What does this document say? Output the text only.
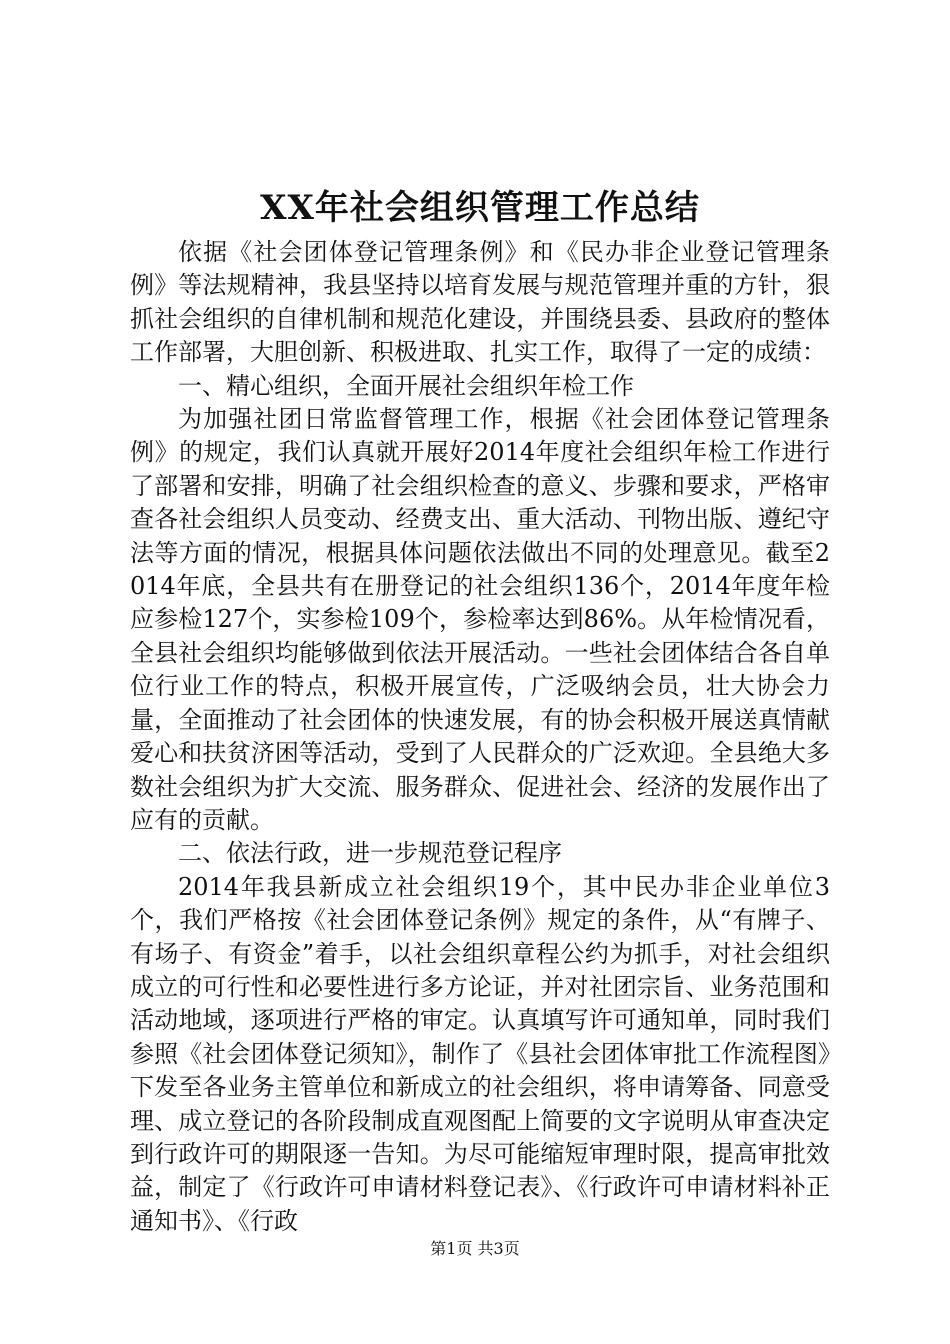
XX年社会组织管理工作总结

依据《社会团体登记管理条例》和《民办非企业登记管理条例》等法规精神，我县坚持以培育发展与规范管理并重的方针，狠抓社会组织的自律机制和规范化建设，并围绕县委、县政府的整体工作部署，大胆创新、积极进取、扎实工作，取得了一定的成绩：

一、精心组织，全面开展社会组织年检工作

为加强社团日常监督管理工作，根据《社会团体登记管理条例》的规定，我们认真就开展好2014年度社会组织年检工作进行了部署和安排，明确了社会组织检查的意义、步骤和要求，严格审查各社会组织人员变动、经费支出、重大活动、刊物出版、遵纪守法等方面的情况，根据具体问题依法做出不同的处理意见。截至2014年底，全县共有在册登记的社会组织136个，2014年度年检应参检127个，实参检109个，参检率达到86%。从年检情况看，全县社会组织均能够做到依法开展活动。一些社会团体结合各自单位行业工作的特点，积极开展宣传，广泛吸纳会员，壮大协会力量，全面推动了社会团体的快速发展，有的协会积极开展送真情献爱心和扶贫济困等活动，受到了人民群众的广泛欢迎。全县绝大多数社会组织为扩大交流、服务群众、促进社会、经济的发展作出了应有的贡献。

二、依法行政，进一步规范登记程序

2014年我县新成立社会组织19个，其中民办非企业单位3个，我们严格按《社会团体登记条例》规定的条件，从“有牌子、有场子、有资金”着手，以社会组织章程公约为抓手，对社会组织成立的可行性和必要性进行多方论证，并对社团宗旨、业务范围和活动地域，逐项进行严格的审定。认真填写许可通知单，同时我们参照《社会团体登记须知》，制作了《县社会团体审批工作流程图》下发至各业务主管单位和新成立的社会组织，将申请筹备、同意受理、成立登记的各阶段制成直观图配上简要的文字说明从审查决定到行政许可的期限逐一告知。为尽可能缩短审理时限，提高审批效益，制定了《行政许可申请材料登记表》、《行政许可申请材料补正通知书》、《行政

第1页 共3页
